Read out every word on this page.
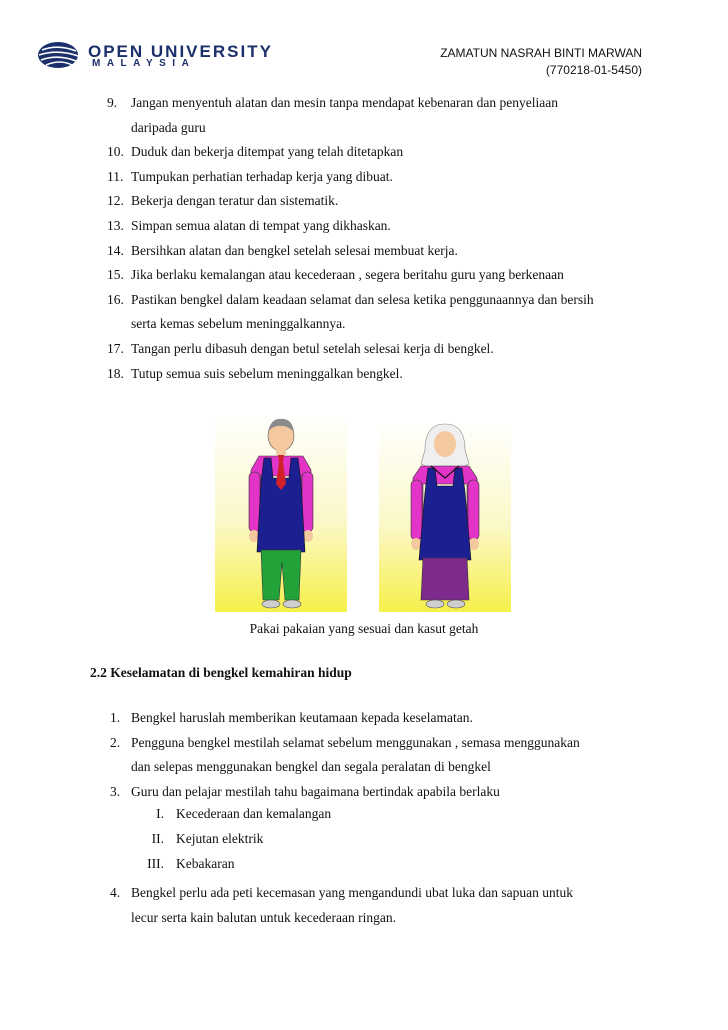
OPEN UNIVERSITY
MALAYSIA
ZAMATUN NASRAH BINTI MARWAN
(770218-01-5450)
9. Jangan menyentuh alatan dan mesin tanpa mendapat kebenaran dan penyeliaan
daripada guru
10. Duduk dan bekerja ditempat yang telah ditetapkan
11. Tumpukan perhatian terhadap kerja yang dibuat.
12. Bekerja dengan teratur dan sistematik.
13. Simpan semua alatan di tempat yang dikhaskan.
14. Bersihkan alatan dan bengkel setelah selesai membuat kerja.
15. Jika berlaku kemalangan atau kecederaan , segera beritahu guru yang berkenaan
16. Pastikan bengkel dalam keadaan selamat dan selesa ketika penggunaannya dan bersih
serta kemas sebelum meninggalkannya.
17. Tangan perlu dibasuh dengan betul setelah selesai kerja di bengkel.
18. Tutup semua suis sebelum meninggalkan bengkel.
Pakai pakaian yang sesuai dan kasut getah
2.2 Keselamatan di bengkel kemahiran hidup
1. Bengkel haruslah memberikan keutamaan kepada keselamatan.
2. Pengguna bengkel mestilah selamat sebelum menggunakan , semasa menggunakan
dan selepas menggunakan bengkel dan segala peralatan di bengkel
3. Guru dan pelajar mestilah tahu bagaimana bertindak apabila berlaku
I. Kecederaan dan kemalangan
II. Kejutan elektrik
III. Kebakaran
4. Bengkel perlu ada peti kecemasan yang mengandundi ubat luka dan sapuan untuk
lecur serta kain balutan untuk kecederaan ringan.
